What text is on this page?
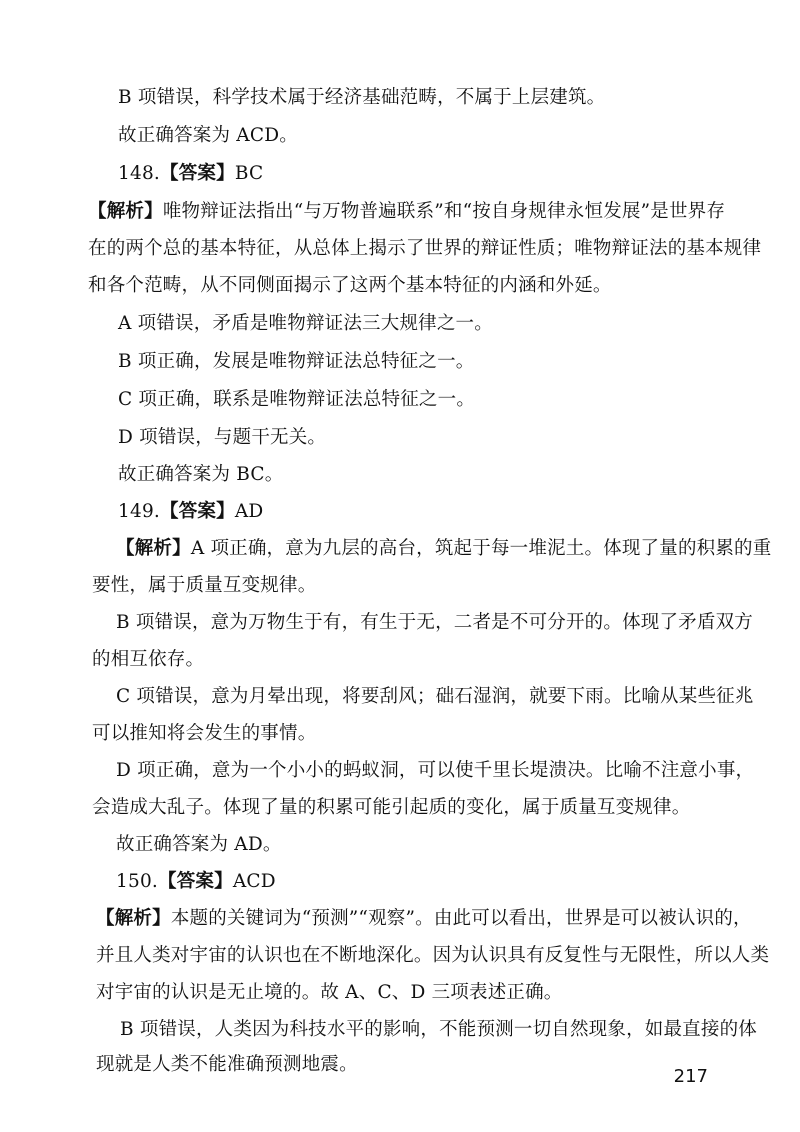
B 项错误，科学技术属于经济基础范畴，不属于上层建筑。
故正确答案为 ACD。
148.【答案】BC
【解析】唯物辩证法指出“与万物普遍联系”和“按自身规律永恒发展”是世界存
在的两个总的基本特征，从总体上揭示了世界的辩证性质；唯物辩证法的基本规律
和各个范畴，从不同侧面揭示了这两个基本特征的内涵和外延。
A 项错误，矛盾是唯物辩证法三大规律之一。
B 项正确，发展是唯物辩证法总特征之一。
C 项正确，联系是唯物辩证法总特征之一。
D 项错误，与题干无关。
故正确答案为 BC。
149.【答案】AD
【解析】A 项正确，意为九层的高台，筑起于每一堆泥土。体现了量的积累的重
要性，属于质量互变规律。
B 项错误，意为万物生于有，有生于无，二者是不可分开的。体现了矛盾双方
的相互依存。
C 项错误，意为月晕出现，将要刮风；础石湿润，就要下雨。比喻从某些征兆
可以推知将会发生的事情。
D 项正确，意为一个小小的蚂蚁洞，可以使千里长堤溃决。比喻不注意小事，
会造成大乱子。体现了量的积累可能引起质的变化，属于质量互变规律。
故正确答案为 AD。
150.【答案】ACD
【解析】本题的关键词为“预测”“观察”。由此可以看出，世界是可以被认识的，
并且人类对宇宙的认识也在不断地深化。因为认识具有反复性与无限性，所以人类
对宇宙的认识是无止境的。故 A、C、D 三项表述正确。
B 项错误，人类因为科技水平的影响，不能预测一切自然现象，如最直接的体
现就是人类不能准确预测地震。
217
